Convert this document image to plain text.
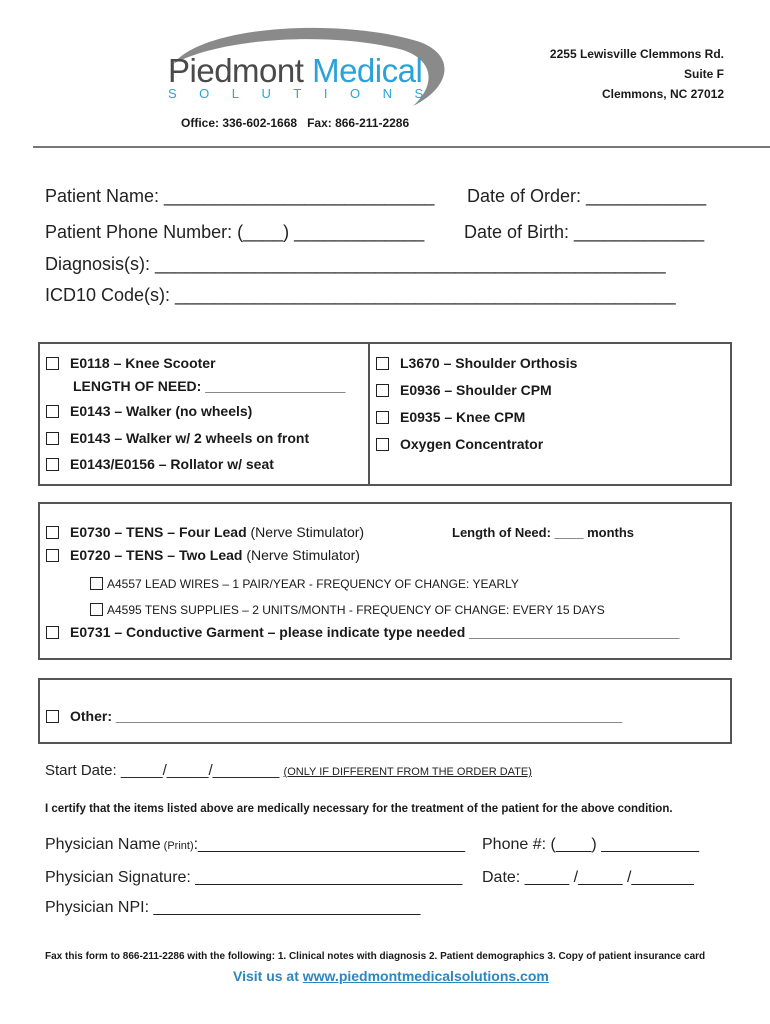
Piedmont Medical
SOLUTIONS
2255 Lewisville Clemmons Rd.
Suite F
Clemmons, NC 27012
Office: 336-602-1668 Fax: 866-211-2286
Patient Name: ___________________________ Date of Order: ____________
Patient Phone Number: (____) _____________ Date of Birth: _____________
Diagnosis(s): ___________________________________________________
ICD10 Code(s): __________________________________________________
E0118 – Knee Scooter
LENGTH OF NEED: __________________
E0143 – Walker (no wheels)
E0143 – Walker w/ 2 wheels on front
E0143/E0156 – Rollator w/ seat
L3670 – Shoulder Orthosis
E0936 – Shoulder CPM
E0935 – Knee CPM
Oxygen Concentrator
E0730 – TENS – Four Lead (Nerve Stimulator)	Length of Need: ____ months
E0720 – TENS – Two Lead (Nerve Stimulator)
A4557 LEAD WIRES – 1 PAIR/YEAR - FREQUENCY OF CHANGE: YEARLY
A4595 TENS SUPPLIES – 2 UNITS/MONTH - FREQUENCY OF CHANGE: EVERY 15 DAYS
E0731 – Conductive Garment – please indicate type needed ___________________________
Other: _________________________________________________________________
Start Date: _____/_____/________ (ONLY IF DIFFERENT FROM THE ORDER DATE)
I certify that the items listed above are medically necessary for the treatment of the patient for the above condition.
Physician Name (Print):______________________________ Phone #: (____) ___________
Physician Signature: ______________________________ Date: _____ /_____ /_______
Physician NPI: ______________________________
Fax this form to 866-211-2286 with the following: 1. Clinical notes with diagnosis 2. Patient demographics 3. Copy of patient insurance card
Visit us at www.piedmontmedicalsolutions.com
